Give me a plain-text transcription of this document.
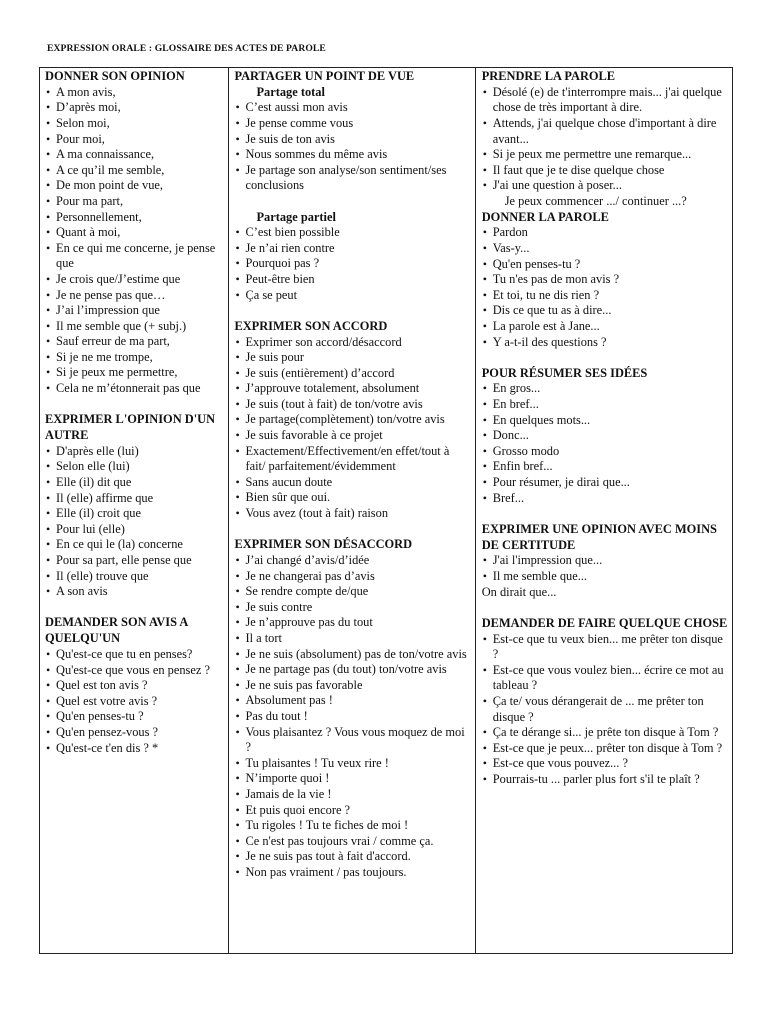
EXPRESSION ORALE : GLOSSAIRE DES ACTES DE PAROLE
DONNER SON OPINION
• A mon avis,
• D’après moi,
• Selon moi,
• Pour moi,
• A ma connaissance,
• A ce qu’il me semble,
• De mon point de vue,
• Pour ma part,
• Personnellement,
• Quant à moi,
• En ce qui me concerne, je pense que
• Je crois que/J’estime que
• Je ne pense pas que…
• J’ai l’impression que
• Il me semble que (+ subj.)
• Sauf erreur de ma part,
• Si je ne me trompe,
• Si je peux me permettre,
• Cela ne m’étonnerait pas que
EXPRIMER L'OPINION D'UN AUTRE
• D'après elle (lui)
• Selon elle (lui)
• Elle (il) dit que
• Il (elle) affirme que
• Elle (il) croit que
• Pour lui (elle)
• En ce qui le (la) concerne
• Pour sa part, elle pense que
• Il (elle) trouve que
• A son avis
DEMANDER SON AVIS A QUELQU'UN
• Qu'est-ce que tu en penses?
• Qu'est-ce que vous en pensez ?
• Quel est ton avis ?
• Quel est votre avis ?
• Qu'en penses-tu ?
• Qu'en pensez-vous ?
• Qu'est-ce t'en dis ? *
PARTAGER UN POINT DE VUE
Partage total
• C’est aussi mon avis
• Je pense comme vous
• Je suis de ton avis
• Nous sommes du même avis
• Je partage son analyse/son sentiment/ses conclusions
Partage partiel
• C’est bien possible
• Je n’ai rien contre
• Pourquoi pas ?
• Peut-être bien
• Ça se peut
EXPRIMER SON ACCORD
• Exprimer son accord/désaccord
• Je suis pour
• Je suis (entièrement) d’accord
• J’approuve totalement, absolument
• Je suis (tout à fait) de ton/votre avis
• Je partage(complètement) ton/votre avis
• Je suis favorable à ce projet
• Exactement/Effectivement/en effet/tout à fait/ parfaitement/évidemment
• Sans aucun doute
• Bien sûr que oui.
• Vous avez (tout à fait) raison
EXPRIMER SON DÉSACCORD
• J’ai changé d’avis/d’idée
• Je ne changerai pas d’avis
• Se rendre compte de/que
• Je suis contre
• Je n’approuve pas du tout
• Il a tort
• Je ne suis (absolument) pas de ton/votre avis
• Je ne partage pas (du tout) ton/votre avis
• Je ne suis pas favorable
• Absolument pas !
• Pas du tout !
• Vous plaisantez ? Vous vous moquez de moi ?
• Tu plaisantes ! Tu veux rire !
• N’importe quoi !
• Jamais de la vie !
• Et puis quoi encore ?
• Tu rigoles ! Tu te fiches de moi !
• Ce n'est pas toujours vrai / comme ça.
• Je ne suis pas tout à fait d'accord.
• Non pas vraiment / pas toujours.
PRENDRE LA PAROLE
• Désolé (e) de t'interrompre mais... j'ai quelque chose de très important à dire.
• Attends, j'ai quelque chose d'important à dire avant...
• Si je peux me permettre une remarque...
• Il faut que je te dise quelque chose
• J'ai une question à poser...
Je peux commencer .../ continuer ...?
DONNER LA PAROLE
• Pardon
• Vas-y...
• Qu'en penses-tu ?
• Tu n'es pas de mon avis ?
• Et toi, tu ne dis rien ?
• Dis ce que tu as à dire...
• La parole est à Jane...
• Y a-t-il des questions ?
POUR RÉSUMER SES IDÉES
• En gros...
• En bref...
• En quelques mots...
• Donc...
• Grosso modo
• Enfin bref...
• Pour résumer, je dirai que...
• Bref...
EXPRIMER UNE OPINION AVEC MOINS DE CERTITUDE
• J'ai l'impression que...
• Il me semble que...
On dirait que...
DEMANDER DE FAIRE QUELQUE CHOSE
• Est-ce que tu veux bien... me prêter ton disque ?
• Est-ce que vous voulez bien... écrire ce mot au tableau ?
• Ça te/ vous dérangerait de ... me prêter ton disque ?
• Ça te dérange si... je prête ton disque à Tom ?
• Est-ce que je peux... prêter ton disque à Tom ?
• Est-ce que vous pouvez... ?
• Pourrais-tu ... parler plus fort s'il te plaît ?
